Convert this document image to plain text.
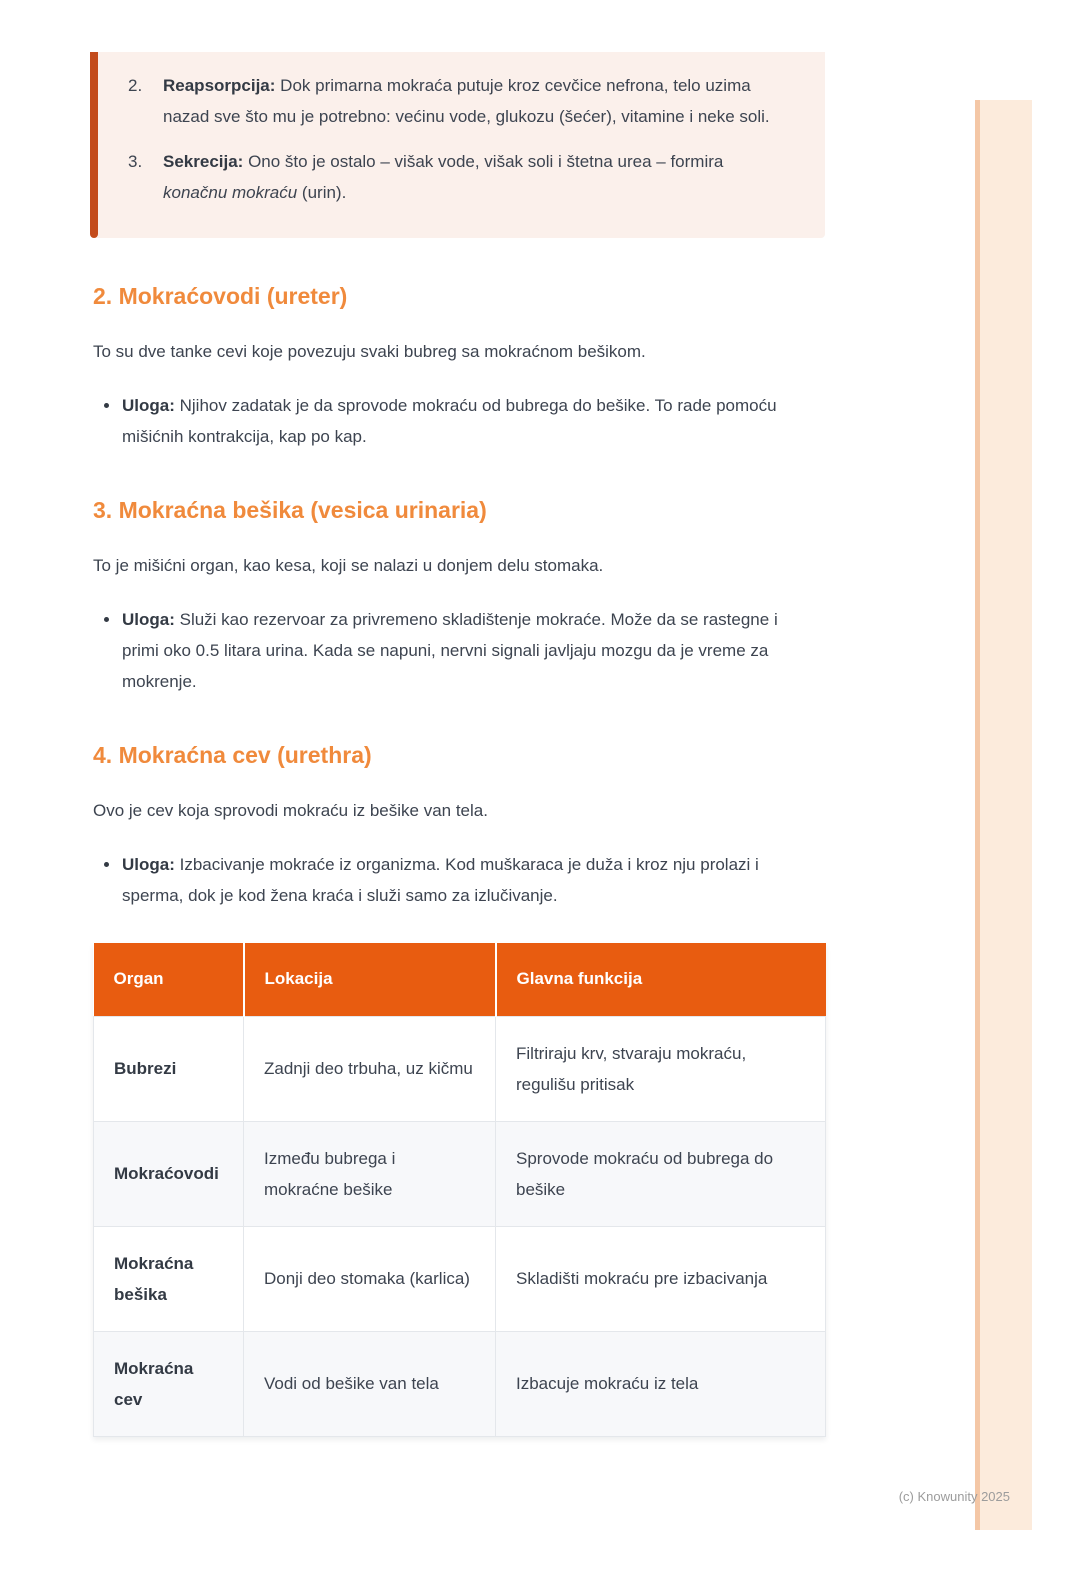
2.	Reapsorpcija: Dok primarna mokraća putuje kroz cevčice nefrona, telo uzima nazad sve što mu je potrebno: većinu vode, glukozu (šećer), vitamine i neke soli.
3.	Sekrecija: Ono što je ostalo – višak vode, višak soli i štetna urea – formira konačnu mokraću (urin).
2. Mokraćovodi (ureter)

To su dve tanke cevi koje povezuju svaki bubreg sa mokraćnom bešikom.

Uloga: Njihov zadatak je da sprovode mokraću od bubrega do bešike. To rade pomoću mišićnih kontrakcija, kap po kap.
3. Mokraćna bešika (vesica urinaria)

To je mišićni organ, kao kesa, koji se nalazi u donjem delu stomaka.

Uloga: Služi kao rezervoar za privremeno skladištenje mokraće. Može da se rastegne i primi oko 0.5 litara urina. Kada se napuni, nervni signali javljaju mozgu da je vreme za mokrenje.
4. Mokraćna cev (urethra)

Ovo je cev koja sprovodi mokraću iz bešike van tela.

Uloga: Izbacivanje mokraće iz organizma. Kod muškaraca je duža i kroz nju prolazi i sperma, dok je kod žena kraća i služi samo za izlučivanje.
Organ	Lokacija	Glavna funkcija
Bubrezi	Zadnji deo trbuha, uz kičmu	Filtriraju krv, stvaraju mokraću, regulišu pritisak
Mokraćovodi	Između bubrega i mokraćne bešike	Sprovode mokraću od bubrega do bešike
Mokraćna bešika	Donji deo stomaka (karlica)	Skladišti mokraću pre izbacivanja
Mokraćna cev	Vodi od bešike van tela	Izbacuje mokraću iz tela
(c) Knowunity 2025
